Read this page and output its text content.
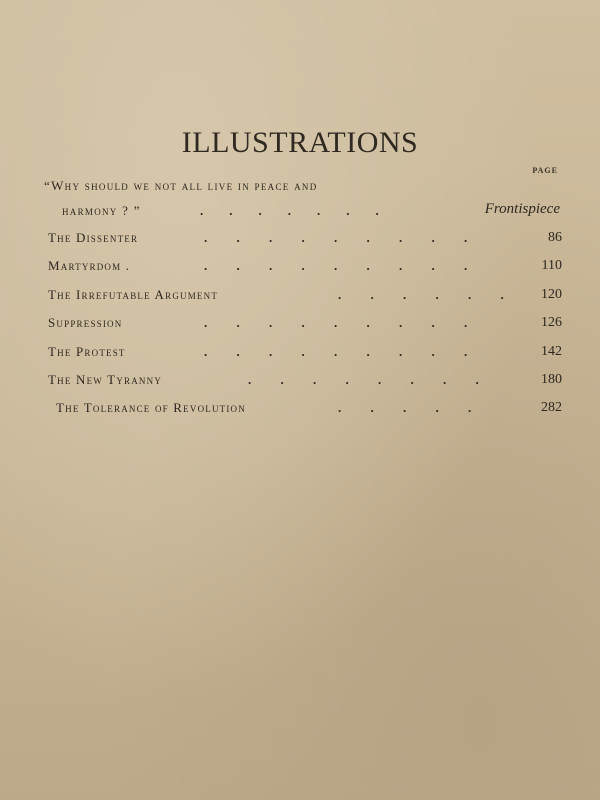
ILLUSTRATIONS
PAGE
“Why should we not all live in peace and
harmony ? ”	.        .        .        .        .        .        .	Frontispiece
The Dissenter	.         .         .         .         .         .         .         .         .	86
Martyrdom .	.         .         .         .         .         .         .         .         .	110
The Irrefutable Argument	.         .         .         .         .         .	120
Suppression	.         .         .         .         .         .         .         .         .	126
The Protest	.         .         .         .         .         .         .         .         .	142
The New Tyranny	.         .         .         .         .         .         .         .	180
The Tolerance of Revolution	.         .         .         .         .	282
